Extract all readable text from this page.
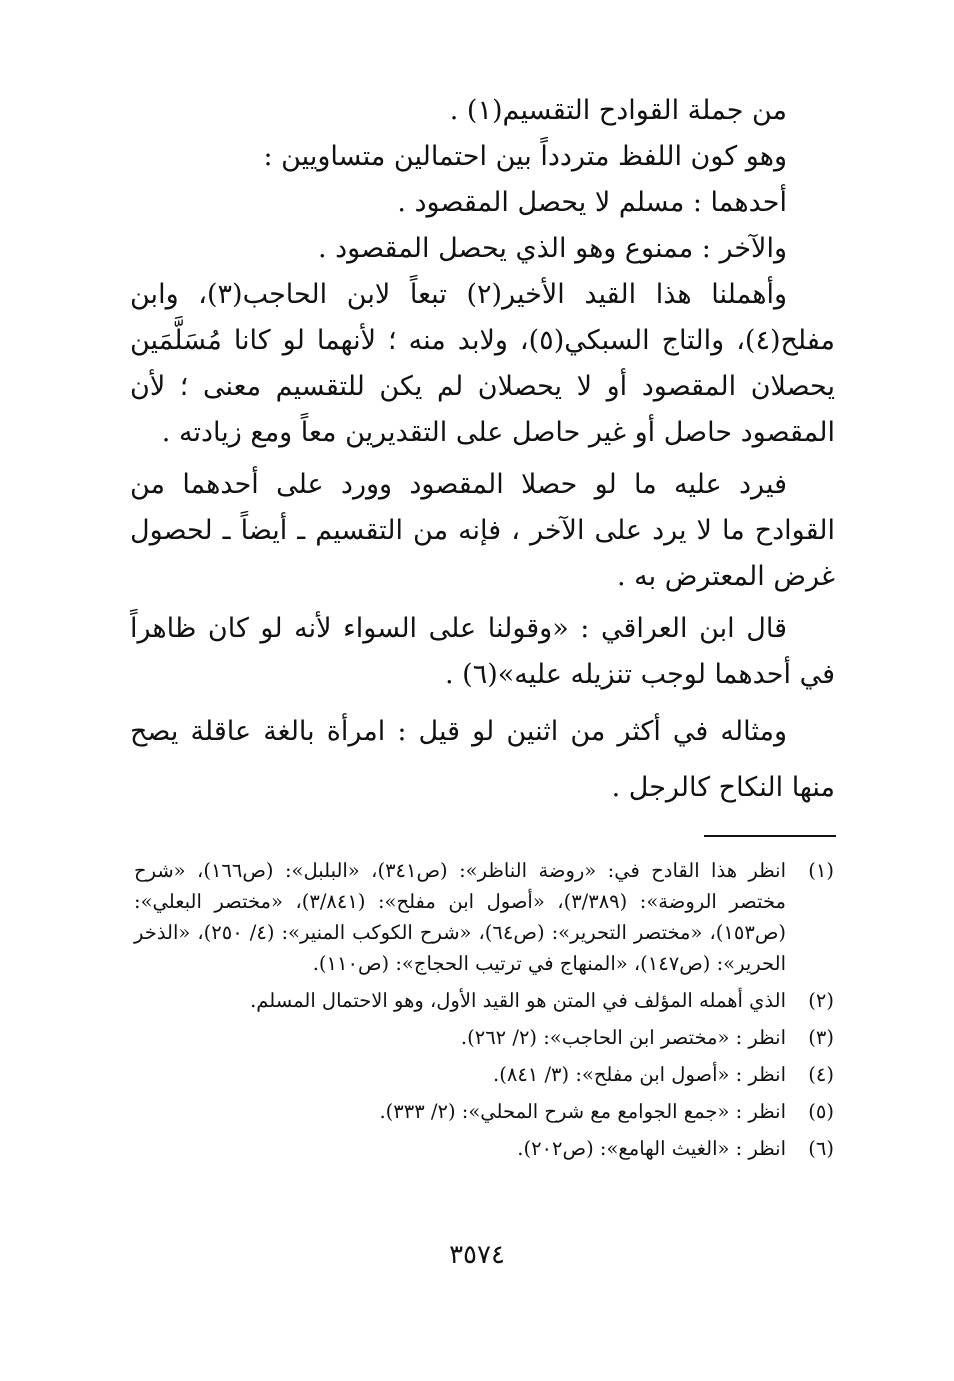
من جملة القوادح التقسيم(١) .

وهو كون اللفظ متردداً بين احتمالين متساويين :

أحدهما : مسلم لا يحصل المقصود .

والآخر : ممنوع وهو الذي يحصل المقصود .

وأهملنا هذا القيد الأخير(٢) تبعاً لابن الحاجب(٣)، وابن مفلح(٤)، والتاج السبكي(٥)، ولابد منه ؛ لأنهما لو كانا مُسَلَّمَين يحصلان المقصود أو لا يحصلان لم يكن للتقسيم معنى ؛ لأن المقصود حاصل أو غير حاصل على التقديرين معاً ومع زيادته .

فيرد عليه ما لو حصلا المقصود وورد على أحدهما من القوادح ما لا يرد على الآخر ، فإنه من التقسيم ـ أيضاً ـ لحصول غرض المعترض به .

قال ابن العراقي : «وقولنا على السواء لأنه لو كان ظاهراً في أحدهما لوجب تنزيله عليه»(٦) .

ومثاله في أكثر من اثنين لو قيل : امرأة بالغة عاقلة يصح منها النكاح كالرجل .

(١)
انظر هذا القادح في: «روضة الناظر»: (ص٣٤١)، «البلبل»: (ص١٦٦)، «شرح مختصر الروضة»: (٣/٣٨٩)، «أصول ابن مفلح»: (٣/٨٤١)، «مختصر البعلي»: (ص١٥٣)، «مختصر التحرير»: (ص٦٤)، «شرح الكوكب المنير»: (٤/ ٢٥٠)، «الذخر الحرير»: (ص١٤٧)، «المنهاج في ترتيب الحجاج»: (ص١١٠).
(٢)
الذي أهمله المؤلف في المتن هو القيد الأول، وهو الاحتمال المسلم.
(٣)
انظر : «مختصر ابن الحاجب»: (٢/ ٢٦٢).
(٤)
انظر : «أصول ابن مفلح»: (٣/ ٨٤١).
(٥)
انظر : «جمع الجوامع مع شرح المحلي»: (٢/ ٣٣٣).
(٦)
انظر : «الغيث الهامع»: (ص٢٠٢).
٣٥٧٤
